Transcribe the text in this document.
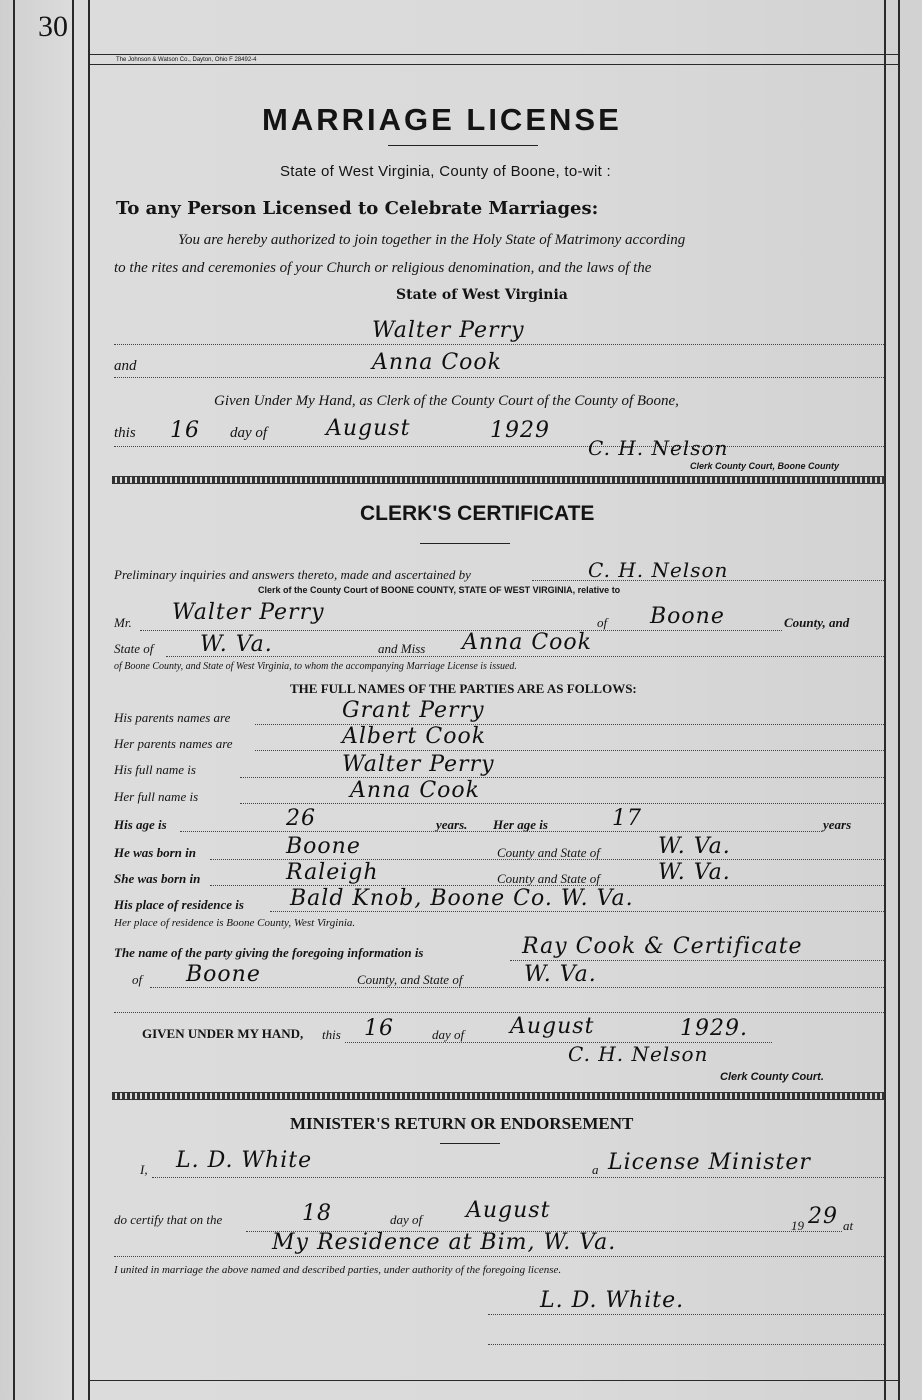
30
The Johnson & Watson Co., Dayton, Ohio F 28492-4
MARRIAGE LICENSE
State of West Virginia, County of Boone, to-wit :
To any Person Licensed to Celebrate Marriages:
You are hereby authorized to join together in the Holy State of Matrimony according
to the rites and ceremonies of your Church or religious denomination, and the laws of the
State of West Virginia
Walter Perry
and	Anna Cook
Given Under My Hand, as Clerk of the County Court of the County of Boone,
this 16 day of	August	1929
C. H. Nelson
Clerk County Court, Boone County
CLERK'S CERTIFICATE
Preliminary inquiries and answers thereto, made and ascertained by	C. H. Nelson
Clerk of the County Court of BOONE COUNTY, STATE OF WEST VIRGINIA, relative to
Mr. Walter Perry	of Boone	County, and
State of W. Va.	and Miss Anna Cook
of Boone County, and State of West Virginia, to whom the accompanying Marriage License is issued.
THE FULL NAMES OF THE PARTIES ARE AS FOLLOWS:
His parents names are	Grant Perry
Her parents names are	Albert Cook
His full name is	Walter Perry
Her full name is	Anna Cook
His age is	26	years. Her age is	17	years
He was born in	Boone	County and State of	W. Va.
She was born in	Raleigh	County and State of	W. Va.
His place of residence is Bald Knob, Boone Co. W. Va.
Her place of residence is Boone County, West Virginia.
The name of the party giving the foregoing information is	Ray Cook & Certificate
of Boone	County, and State of	W. Va.
GIVEN UNDER MY HAND, this 16	day of August	1929.
C. H. Nelson
Clerk County Court.
MINISTER'S RETURN OR ENDORSEMENT
I, L. D. White	a License Minister
do certify that on the	18	day of August
19 29 at
My Residence at Bim, W. Va.
I united in marriage the above named and described parties, under authority of the foregoing license.
L. D. White.
